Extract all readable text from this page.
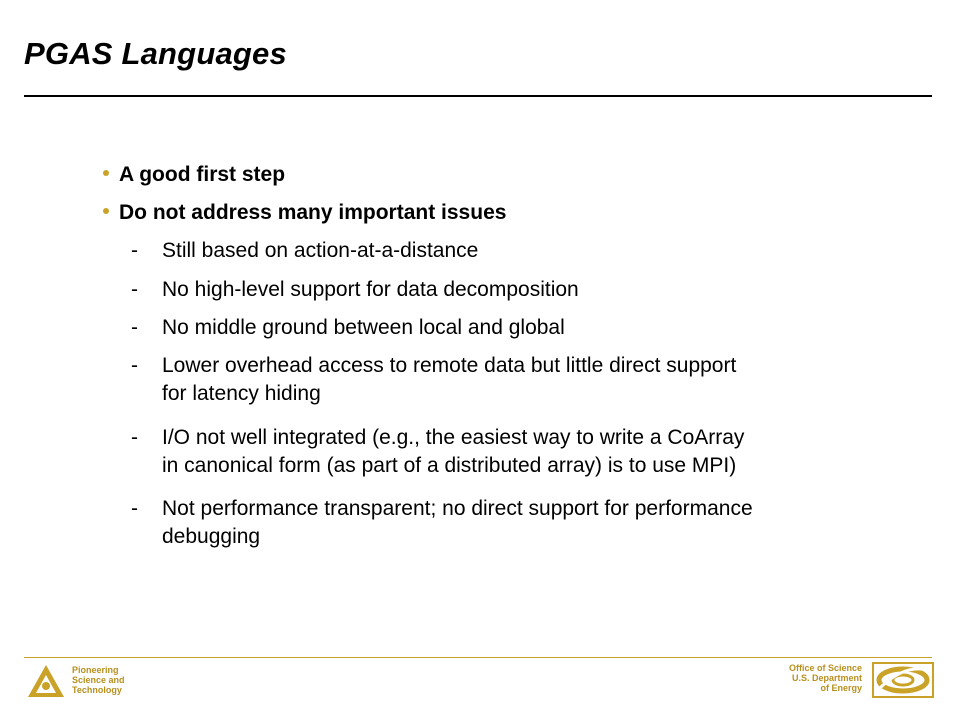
PGAS Languages
A good first step
Do not address many important issues
- Still based on action-at-a-distance
- No high-level support for data decomposition
- No middle ground between local and global
- Lower overhead access to remote data but little direct support
for latency hiding
- I/O not well integrated (e.g., the easiest way to write a CoArray
in canonical form (as part of a distributed array) is to use MPI)
- Not performance transparent; no direct support for performance
debugging
Pioneering
Science and
Technology
Office of Science
U.S. Department
of Energy
